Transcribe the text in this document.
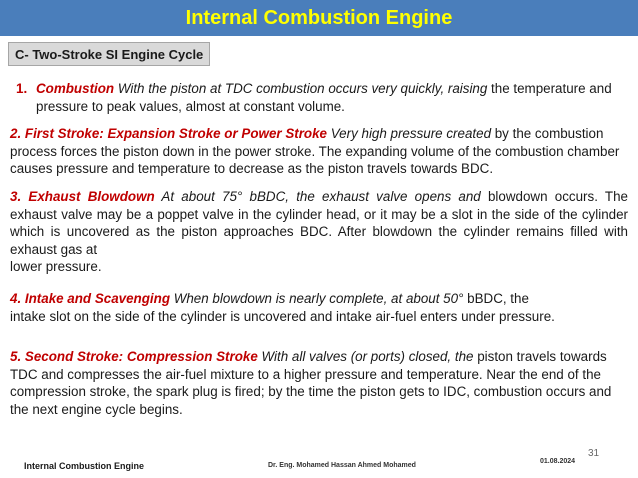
Internal Combustion Engine
C- Two-Stroke SI Engine Cycle

1. Combustion With the piston at TDC combustion occurs very quickly, raising the temperature and pressure to peak values, almost at constant volume.

2. First Stroke: Expansion Stroke or Power Stroke Very high pressure created by the combustion process forces the piston down in the power stroke. The expanding volume of the combustion chamber causes pressure and temperature to decrease as the piston travels towards BDC.

3. Exhaust Blowdown At about 75° bBDC, the exhaust valve opens and blowdown occurs. The exhaust valve may be a poppet valve in the cylinder head, or it may be a slot in the side of the cylinder which is uncovered as the piston approaches BDC. After blowdown the cylinder remains filled with exhaust gas at
lower pressure.

4. Intake and Scavenging When blowdown is nearly complete, at about 50° bBDC, the
intake slot on the side of the cylinder is uncovered and intake air-fuel enters under pressure.

5. Second Stroke: Compression Stroke With all valves (or ports) closed, the piston travels towards TDC and compresses the air-fuel mixture to a higher pressure and temperature. Near the end of the compression stroke, the spark plug is fired; by the time the piston gets to IDC, combustion occurs and the next engine cycle begins.

31
Internal Combustion Engine	Dr. Eng. Mohamed Hassan Ahmed Mohamed
01.08.2024
